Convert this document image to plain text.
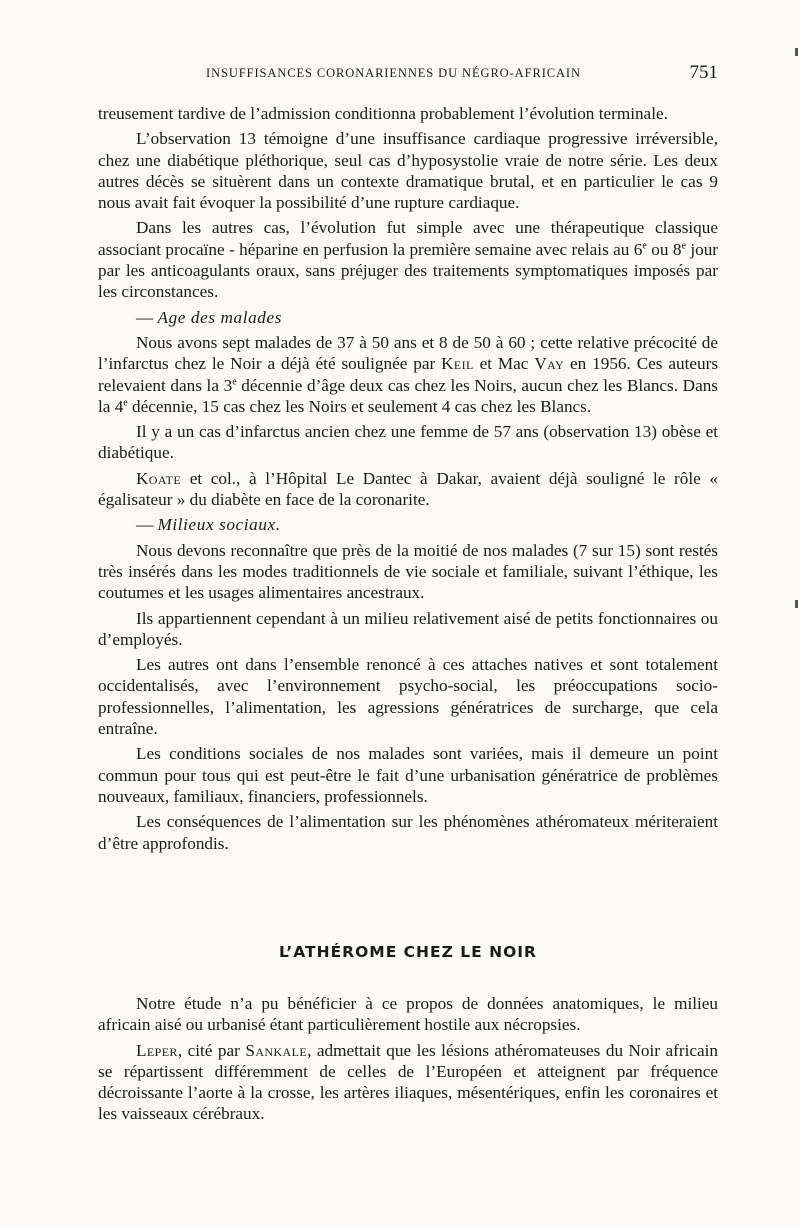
INSUFFISANCES CORONARIENNES DU NÉGRO-AFRICAIN	751

treusement tardive de l’admission conditionna probablement l’évolution terminale.

L’observation 13 témoigne d’une insuffisance cardiaque progressive irréversible, chez une diabétique pléthorique, seul cas d’hyposystolie vraie de notre série. Les deux autres décès se situèrent dans un contexte dramatique brutal, et en particulier le cas 9 nous avait fait évoquer la possibilité d’une rupture cardiaque.

Dans les autres cas, l’évolution fut simple avec une thérapeutique classique associant procaïne - héparine en perfusion la première semaine avec relais au 6e ou 8e jour par les anticoagulants oraux, sans préjuger des traitements symptomatiques imposés par les circonstances.

— Age des malades

Nous avons sept malades de 37 à 50 ans et 8 de 50 à 60 ; cette relative précocité de l’infarctus chez le Noir a déjà été soulignée par Keil et Mac Vay en 1956. Ces auteurs relevaient dans la 3e décennie d’âge deux cas chez les Noirs, aucun chez les Blancs. Dans la 4e décennie, 15 cas chez les Noirs et seulement 4 cas chez les Blancs.

Il y a un cas d’infarctus ancien chez une femme de 57 ans (observation 13) obèse et diabétique.

Koate et col., à l’Hôpital Le Dantec à Dakar, avaient déjà souligné le rôle « égalisateur » du diabète en face de la coronarite.

— Milieux sociaux.

Nous devons reconnaître que près de la moitié de nos malades (7 sur 15) sont restés très insérés dans les modes traditionnels de vie sociale et familiale, suivant l’éthique, les coutumes et les usages alimentaires ancestraux.

Ils appartiennent cependant à un milieu relativement aisé de petits fonctionnaires ou d’employés.

Les autres ont dans l’ensemble renoncé à ces attaches natives et sont totalement occidentalisés, avec l’environnement psycho-social, les préoccupations socio-professionnelles, l’alimentation, les agressions génératrices de surcharge, que cela entraîne.

Les conditions sociales de nos malades sont variées, mais il demeure un point commun pour tous qui est peut-être le fait d’une urbanisation génératrice de problèmes nouveaux, familiaux, financiers, professionnels.

Les conséquences de l’alimentation sur les phénomènes athéromateux mériteraient d’être approfondis.

L’ATHÉROME CHEZ LE NOIR

Notre étude n’a pu bénéficier à ce propos de données anatomiques, le milieu africain aisé ou urbanisé étant particulièrement hostile aux nécropsies.

Leper, cité par Sankale, admettait que les lésions athéromateuses du Noir africain se répartissent différemment de celles de l’Européen et atteignent par fréquence décroissante l’aorte à la crosse, les artères iliaques, mésentériques, enfin les coronaires et les vaisseaux cérébraux.
